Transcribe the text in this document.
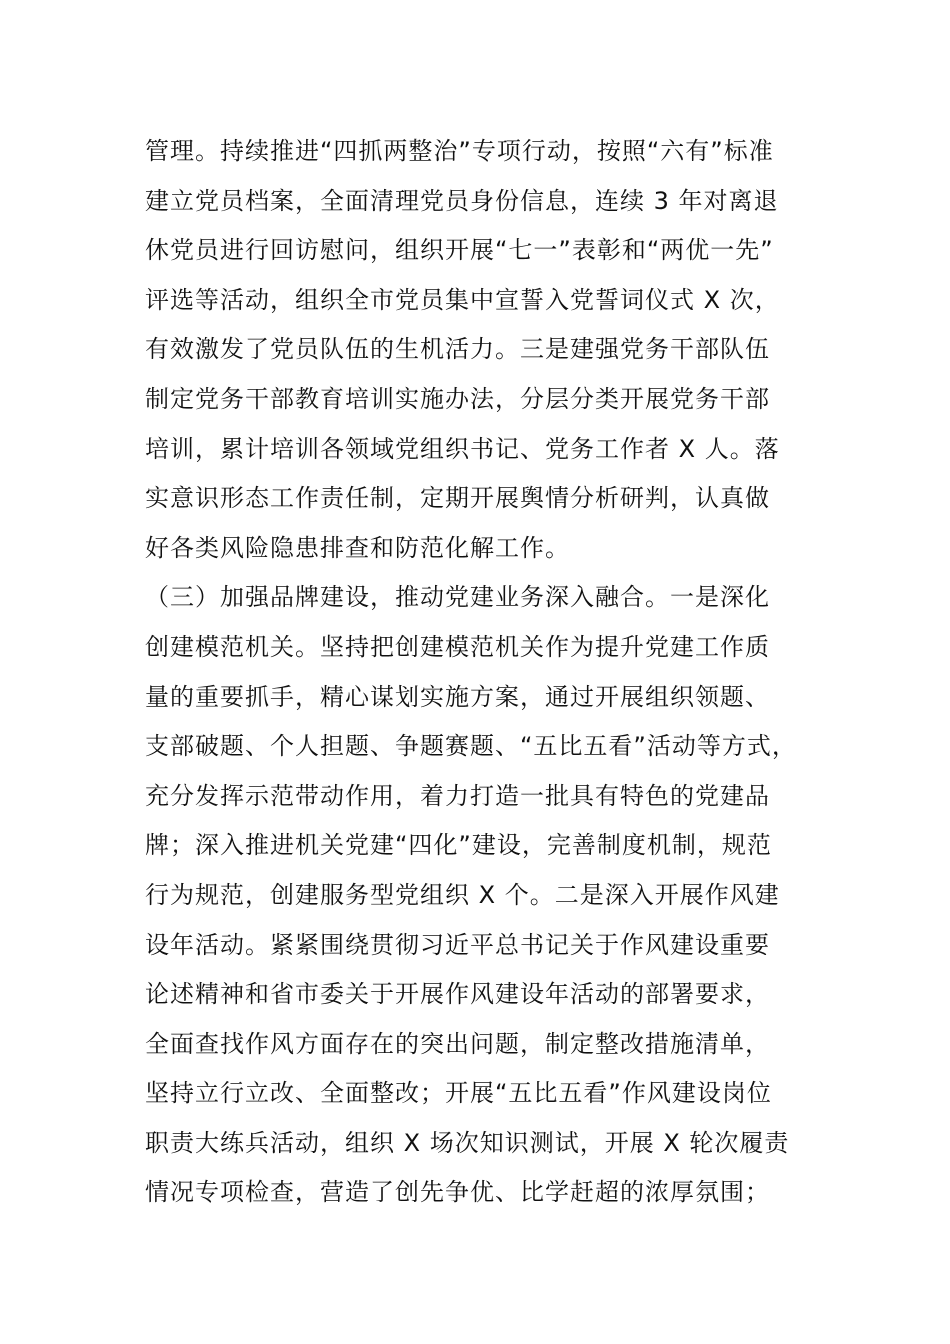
管理。持续推进“四抓两整治”专项行动，按照“六有”标准
建立党员档案，全面清理党员身份信息，连续 3 年对离退
休党员进行回访慰问，组织开展“七一”表彰和“两优一先”
评选等活动，组织全市党员集中宣誓入党誓词仪式 X 次，
有效激发了党员队伍的生机活力。三是建强党务干部队伍
制定党务干部教育培训实施办法，分层分类开展党务干部
培训，累计培训各领域党组织书记、党务工作者 X 人。落
实意识形态工作责任制，定期开展舆情分析研判，认真做
好各类风险隐患排查和防范化解工作。
（三）加强品牌建设，推动党建业务深入融合。一是深化
创建模范机关。坚持把创建模范机关作为提升党建工作质
量的重要抓手，精心谋划实施方案，通过开展组织领题、
支部破题、个人担题、争题赛题、“五比五看”活动等方式，
充分发挥示范带动作用，着力打造一批具有特色的党建品
牌；深入推进机关党建“四化”建设，完善制度机制，规范
行为规范，创建服务型党组织 X 个。二是深入开展作风建
设年活动。紧紧围绕贯彻习近平总书记关于作风建设重要
论述精神和省市委关于开展作风建设年活动的部署要求，
全面查找作风方面存在的突出问题，制定整改措施清单，
坚持立行立改、全面整改；开展“五比五看”作风建设岗位
职责大练兵活动，组织 X 场次知识测试，开展 X 轮次履责
情况专项检查，营造了创先争优、比学赶超的浓厚氛围；
